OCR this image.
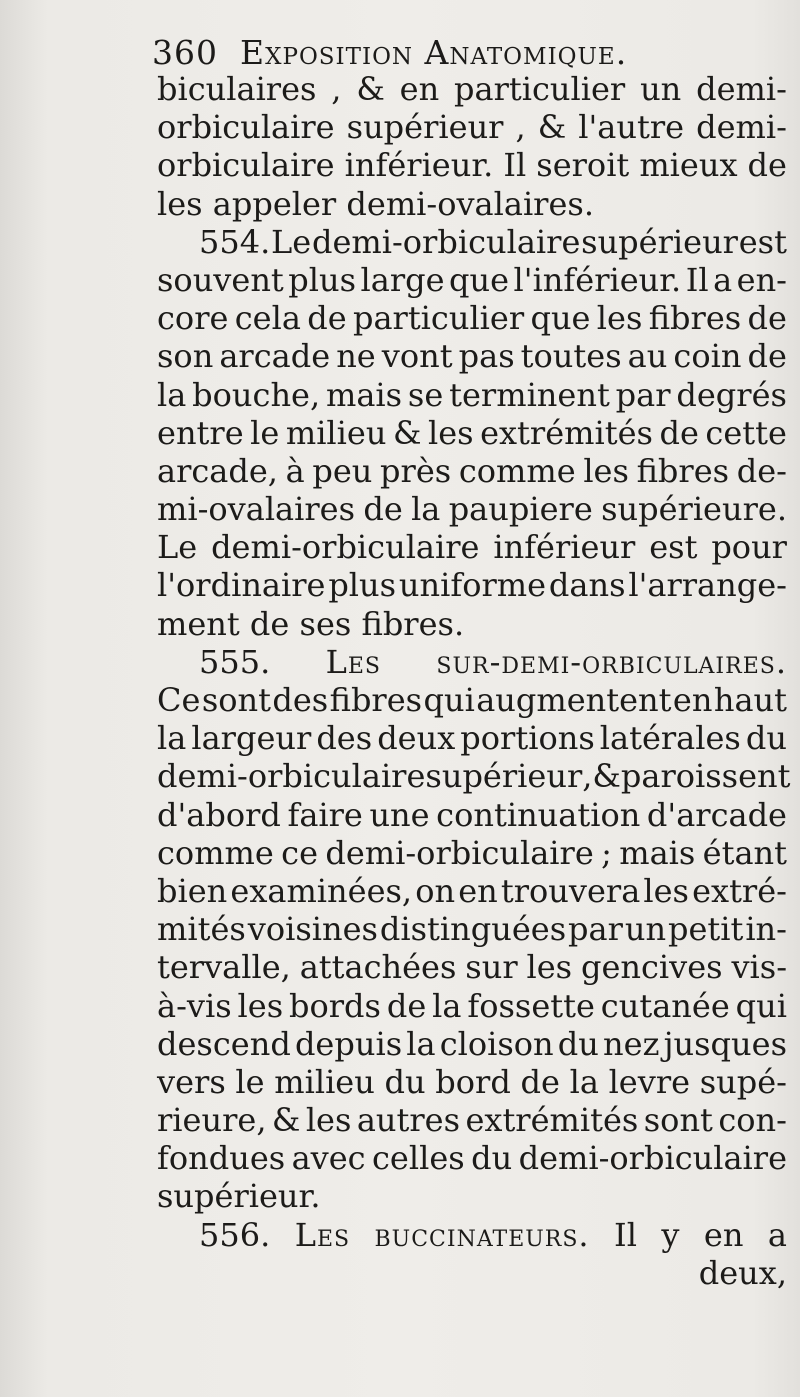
360 Exposition Anatomique.
biculaires , & en particulier un demi-
orbiculaire supérieur , & l'autre demi-
orbiculaire inférieur. Il seroit mieux de
les
appeler
demi-ovalaires.

554. Le demi-orbiculaire supérieur est
souvent plus large que l'inférieur. Il a en-
core cela de particulier que les fibres de
son arcade ne vont pas toutes au coin de
la bouche, mais se terminent par degrés
entre le milieu & les extrémités de cette
arcade, à peu près comme les fibres de-
mi-ovalaires de la paupiere supérieure.
Le demi-orbiculaire inférieur est pour
l'ordinaire plus uniforme dans l'arrange-
ment
de
ses
fibres.

555. Les sur-demi-orbiculaires.
Ce sont des fibres qui augmentent en haut
la largeur des deux portions latérales du
demi-orbiculaire supérieur , & paroissent
d'abord faire une continuation d'arcade
comme ce demi-orbiculaire ; mais étant
bien examinées, on en trouvera les extré-
mités voisines distinguées par un petit in-
tervalle, attachées sur les gencives vis-
à-vis les bords de la fossette cutanée qui
descend depuis la cloison du nez jusques
vers le milieu du bord de la levre supé-
rieure, & les autres extrémités sont con-
fondues avec celles du demi-orbiculaire
supérieur.

556. Les buccinateurs. Il y en a
deux,
